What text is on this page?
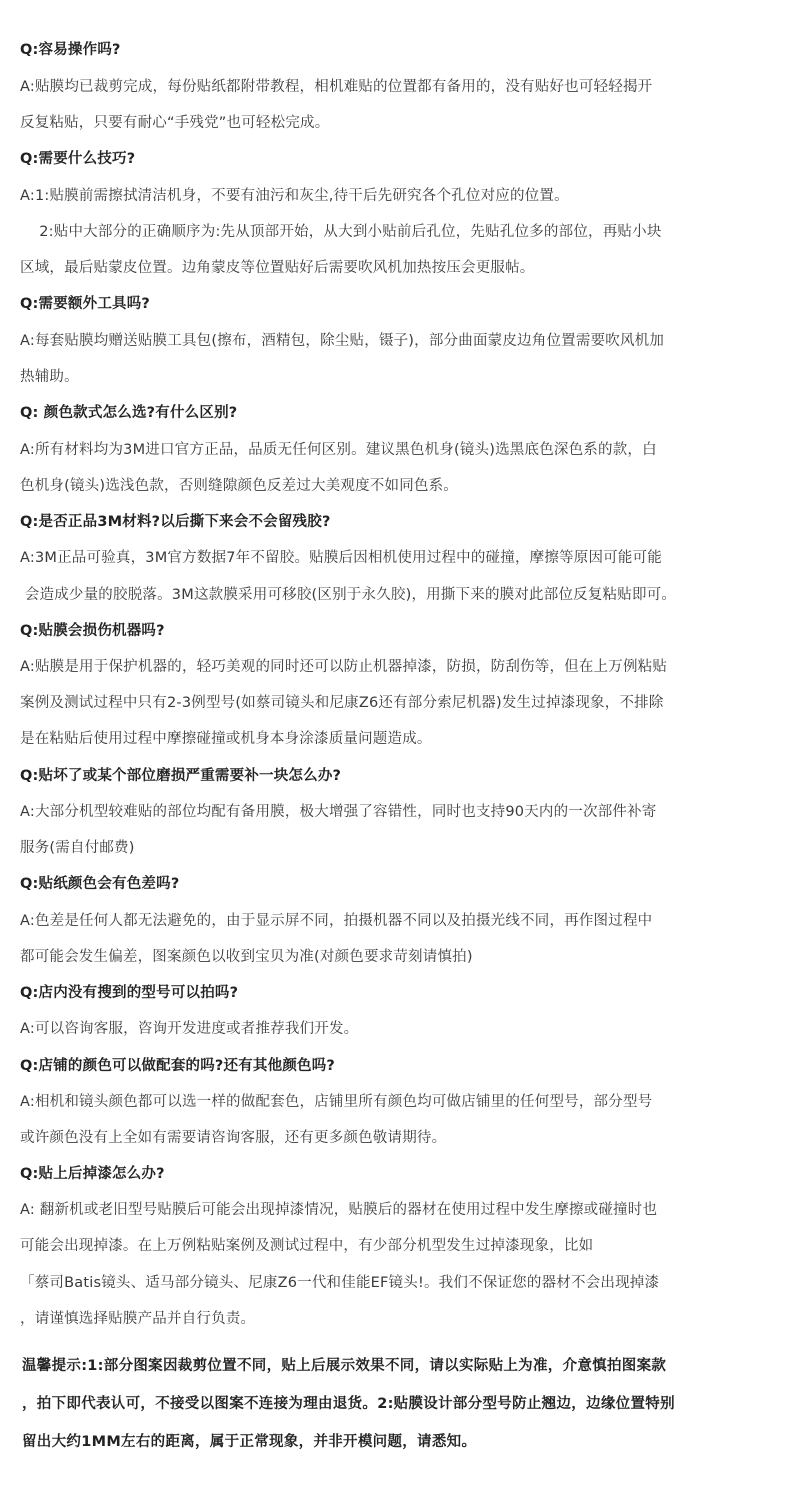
Q:容易操作吗?
A:贴膜均已裁剪完成，每份贴纸都附带教程，相机难贴的位置都有备用的，没有贴好也可轻轻揭开
反复粘贴，只要有耐心“手残党”也可轻松完成。
Q:需要什么技巧?
A:1:贴膜前需擦拭清洁机身，不要有油污和灰尘,待干后先研究各个孔位对应的位置。
2:贴中大部分的正确顺序为:先从顶部开始，从大到小贴前后孔位，先贴孔位多的部位，再贴小块
区域，最后贴蒙皮位置。边角蒙皮等位置贴好后需要吹风机加热按压会更服帖。
Q:需要额外工具吗?
A:每套贴膜均赠送贴膜工具包(擦布，酒精包，除尘贴，镊子)，部分曲面蒙皮边角位置需要吹风机加
热辅助。
Q: 颜色款式怎么选?有什么区别?
A:所有材料均为3M进口官方正品，品质无任何区别。建议黑色机身(镜头)选黑底色深色系的款，白
色机身(镜头)选浅色款，否则缝隙颜色反差过大美观度不如同色系。
Q:是否正品3M材料?以后撕下来会不会留残胶?
A:3M正品可验真，3M官方数据7年不留胶。贴膜后因相机使用过程中的碰撞，摩擦等原因可能可能
会造成少量的胶脱落。3M这款膜采用可移胶(区别于永久胶)，用撕下来的膜对此部位反复粘贴即可。
Q:贴膜会损伤机器吗?
A:贴膜是用于保护机器的，轻巧美观的同时还可以防止机器掉漆，防损，防刮伤等，但在上万例粘贴
案例及测试过程中只有2-3例型号(如蔡司镜头和尼康Z6还有部分索尼机器)发生过掉漆现象，不排除
是在粘贴后使用过程中摩擦碰撞或机身本身涂漆质量问题造成。
Q:贴坏了或某个部位磨损严重需要补一块怎么办?
A:大部分机型较难贴的部位均配有备用膜，极大增强了容错性，同时也支持90天内的一次部件补寄
服务(需自付邮费)
Q:贴纸颜色会有色差吗?
A:色差是任何人都无法避免的，由于显示屏不同，拍摄机器不同以及拍摄光线不同，再作图过程中
都可能会发生偏差，图案颜色以收到宝贝为准(对颜色要求苛刻请慎拍)
Q:店内没有搜到的型号可以拍吗?
A:可以咨询客服，咨询开发进度或者推荐我们开发。
Q:店铺的颜色可以做配套的吗?还有其他颜色吗?
A:相机和镜头颜色都可以选一样的做配套色，店铺里所有颜色均可做店铺里的任何型号，部分型号
或许颜色没有上全如有需要请咨询客服，还有更多颜色敬请期待。
Q:贴上后掉漆怎么办?
A: 翻新机或老旧型号贴膜后可能会出现掉漆情况，贴膜后的器材在使用过程中发生摩擦或碰撞时也
可能会出现掉漆。在上万例粘贴案例及测试过程中，有少部分机型发生过掉漆现象，比如
「蔡司Batis镜头、适马部分镜头、尼康Z6一代和佳能EF镜头!。我们不保证您的器材不会出现掉漆
，请谨慎选择贴膜产品并自行负责。
温馨提示:1:部分图案因裁剪位置不同，贴上后展示效果不同，请以实际贴上为准，介意慎拍图案款
，拍下即代表认可，不接受以图案不连接为理由退货。2:贴膜设计部分型号防止翘边，边缘位置特别
留出大约1MM左右的距离，属于正常现象，并非开模问题，请悉知。
